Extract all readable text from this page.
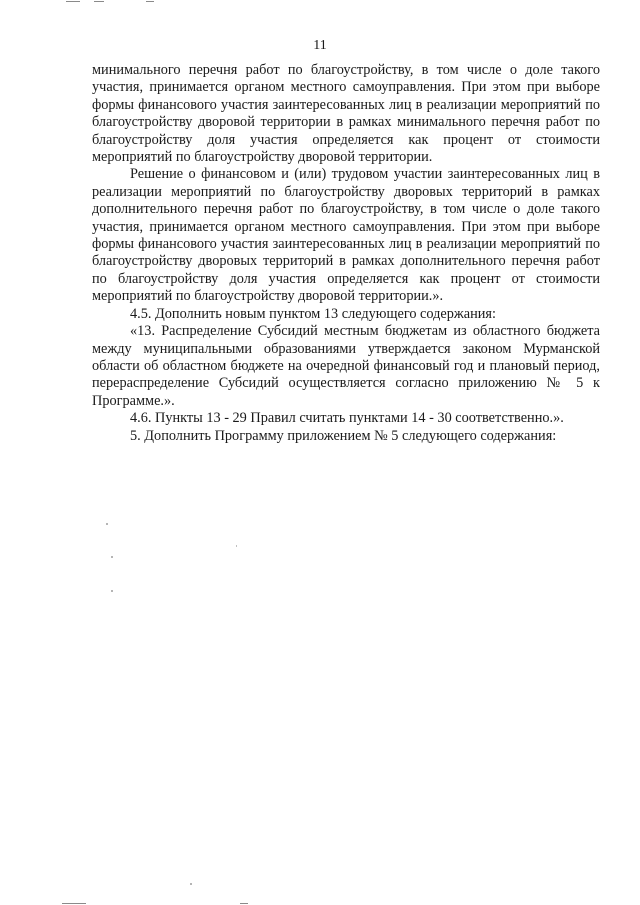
11

минимального перечня работ по благоустройству, в том числе о доле такого участия, принимается органом местного самоуправления. При этом при выборе формы финансового участия заинтересованных лиц в реализации мероприятий по благоустройству дворовой территории в рамках минимального перечня работ по благоустройству доля участия определяется как процент от стоимости мероприятий по благоустройству дворовой территории.

Решение о финансовом и (или) трудовом участии заинтересованных лиц в реализации мероприятий по благоустройству дворовых территорий в рамках дополнительного перечня работ по благоустройству, в том числе о доле такого участия, принимается органом местного самоуправления. При этом при выборе формы финансового участия заинтересованных лиц в реализации мероприятий по благоустройству дворовых территорий в рамках дополнительного перечня работ по благоустройству доля участия определяется как процент от стоимости мероприятий по благоустройству дворовой территории.».

4.5. Дополнить новым пунктом 13 следующего содержания:

«13. Распределение Субсидий местным бюджетам из областного бюджета между муниципальными образованиями утверждается законом Мурманской области об областном бюджете на очередной финансовый год и плановый период, перераспределение Субсидий осуществляется согласно приложению № 5 к Программе.».

4.6. Пункты 13 - 29 Правил считать пунктами 14 - 30 соответственно.».

5. Дополнить Программу приложением № 5 следующего содержания:
